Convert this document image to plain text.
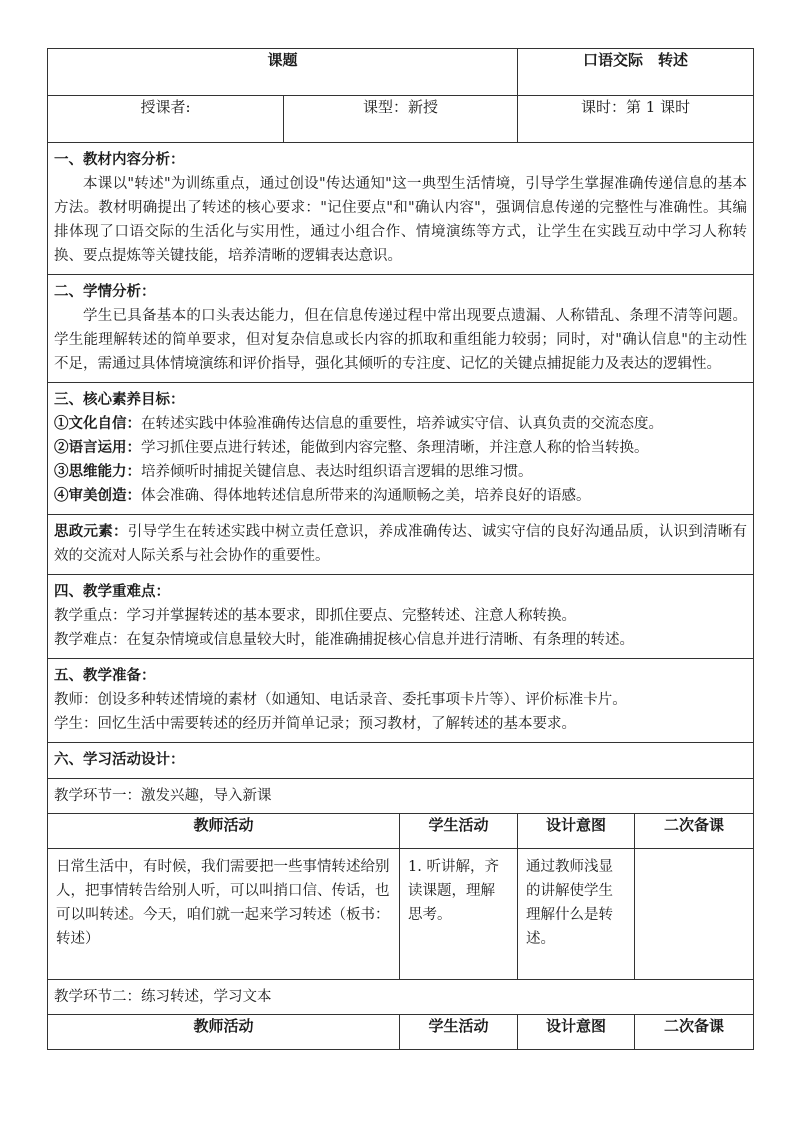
课题			口语交际　转述	
授课者:	课型：新授		课时：第 1 课时	

一、教材内容分析：

本课以"转述"为训练重点，通过创设"传达通知"这一典型生活情境，引导学生掌握准确传递信息的基本方法。教材明确提出了转述的核心要求："记住要点"和"确认内容"，强调信息传递的完整性与准确性。其编排体现了口语交际的生活化与实用性，通过小组合作、情境演练等方式，让学生在实践互动中学习人称转换、要点提炼等关键技能，培养清晰的逻辑表达意识。				

二、学情分析：

学生已具备基本的口头表达能力，但在信息传递过程中常出现要点遗漏、人称错乱、条理不清等问题。学生能理解转述的简单要求，但对复杂信息或长内容的抓取和重组能力较弱；同时，对"确认信息"的主动性不足，需通过具体情境演练和评价指导，强化其倾听的专注度、记忆的关键点捕捉能力及表达的逻辑性。				

三、核心素养目标：
①文化自信：在转述实践中体验准确传达信息的重要性，培养诚实守信、认真负责的交流态度。
②语言运用：学习抓住要点进行转述，能做到内容完整、条理清晰，并注意人称的恰当转换。
③思维能力：培养倾听时捕捉关键信息、表达时组织语言逻辑的思维习惯。
④审美创造：体会准确、得体地转述信息所带来的沟通顺畅之美，培养良好的语感。				

思政元素：引导学生在转述实践中树立责任意识，养成准确传达、诚实守信的良好沟通品质，认识到清晰有效的交流对人际关系与社会协作的重要性。				

四、教学重难点：
教学重点：学习并掌握转述的基本要求，即抓住要点、完整转述、注意人称转换。
教学难点：在复杂情境或信息量较大时，能准确捕捉核心信息并进行清晰、有条理的转述。				

五、教学准备：
教师：创设多种转述情境的素材（如通知、电话录音、委托事项卡片等）、评价标准卡片。
学生：回忆生活中需要转述的经历并简单记录；预习教材，了解转述的基本要求。				

六、学习活动设计：				

教学环节一：激发兴趣，导入新课				
教师活动		学生活动	设计意图	二次备课
日常生活中，有时候，我们需要把一些事情转述给别人，把事情转告给别人听，可以叫捎口信、传话，也可以叫转述。今天，咱们就一起来学习转述（板书：转述）		1. 听讲解，齐读课题，理解思考。	通过教师浅显的讲解使学生理解什么是转述。	
教学环节二：练习转述，学习文本				
教师活动		学生活动	设计意图	二次备课
